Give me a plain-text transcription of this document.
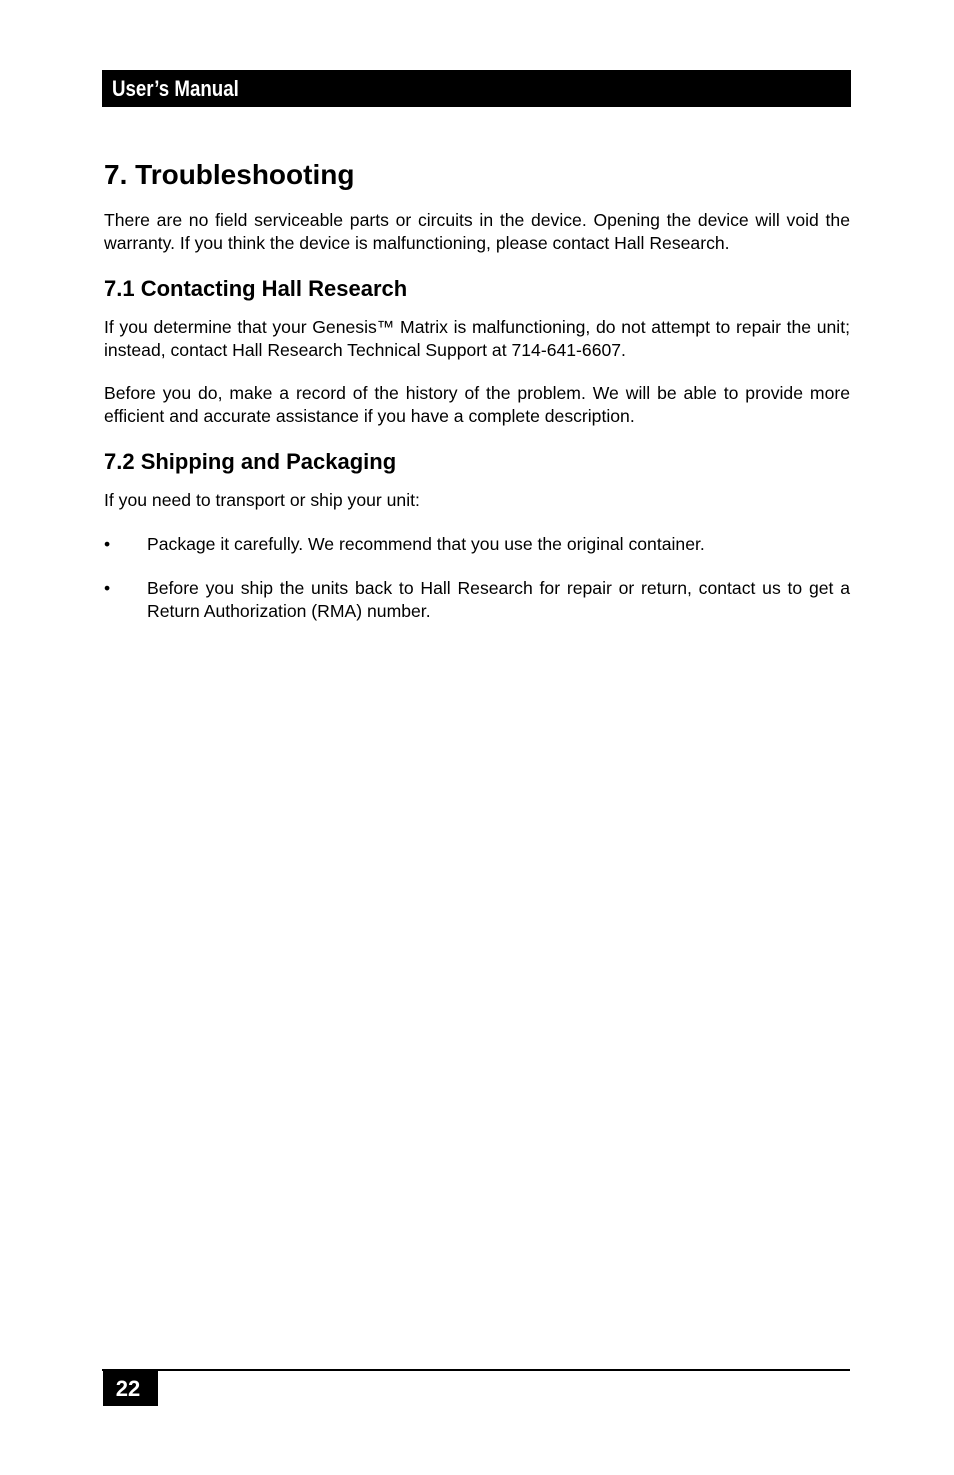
User’s Manual
7. Troubleshooting

There are no field serviceable parts or circuits in the device. Opening the device will void the warranty. If you think the device is malfunctioning, please contact Hall Research.

7.1 Contacting Hall Research

If you determine that your Genesis™ Matrix is malfunctioning, do not attempt to repair the unit; instead, contact Hall Research Technical Support at 714-641-6607.

Before you do, make a record of the history of the problem. We will be able to provide more efficient and accurate assistance if you have a complete description.

7.2 Shipping and Packaging

If you need to transport or ship your unit:

• Package it carefully. We recommend that you use the original container.
• Before you ship the units back to Hall Research for repair or return, contact us to get a Return Authorization (RMA) number.
22
